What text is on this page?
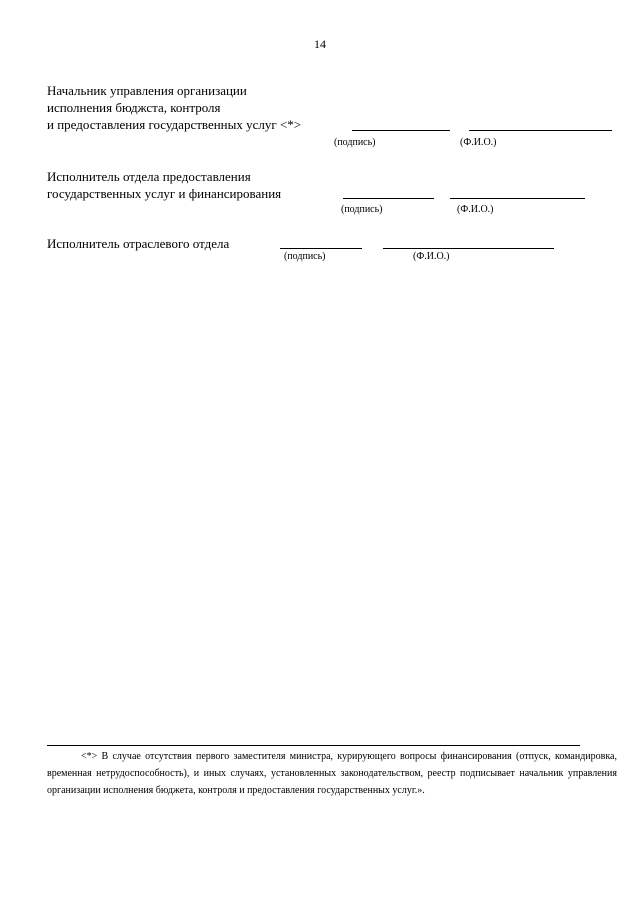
14
Начальник управления организации
исполнения бюджста, контроля
и предоставления государственных услуг <*>
(подпись)	(Ф.И.О.)
Исполнитель отдела предоставления
государственных услуг и финансирования
(подпись)	(Ф.И.О.)
Исполнитель отраслевого отдела
(подпись)	(Ф.И.О.)
<*> В случае отсутствия первого заместителя министра, курирующего вопросы финансирования (отпуск, командировка, временная нетрудоспособность), и иных случаях, установленных законодательством, реестр подписывает начальник управления организации исполнения бюджета, контроля и предоставления государственных услуг.».
